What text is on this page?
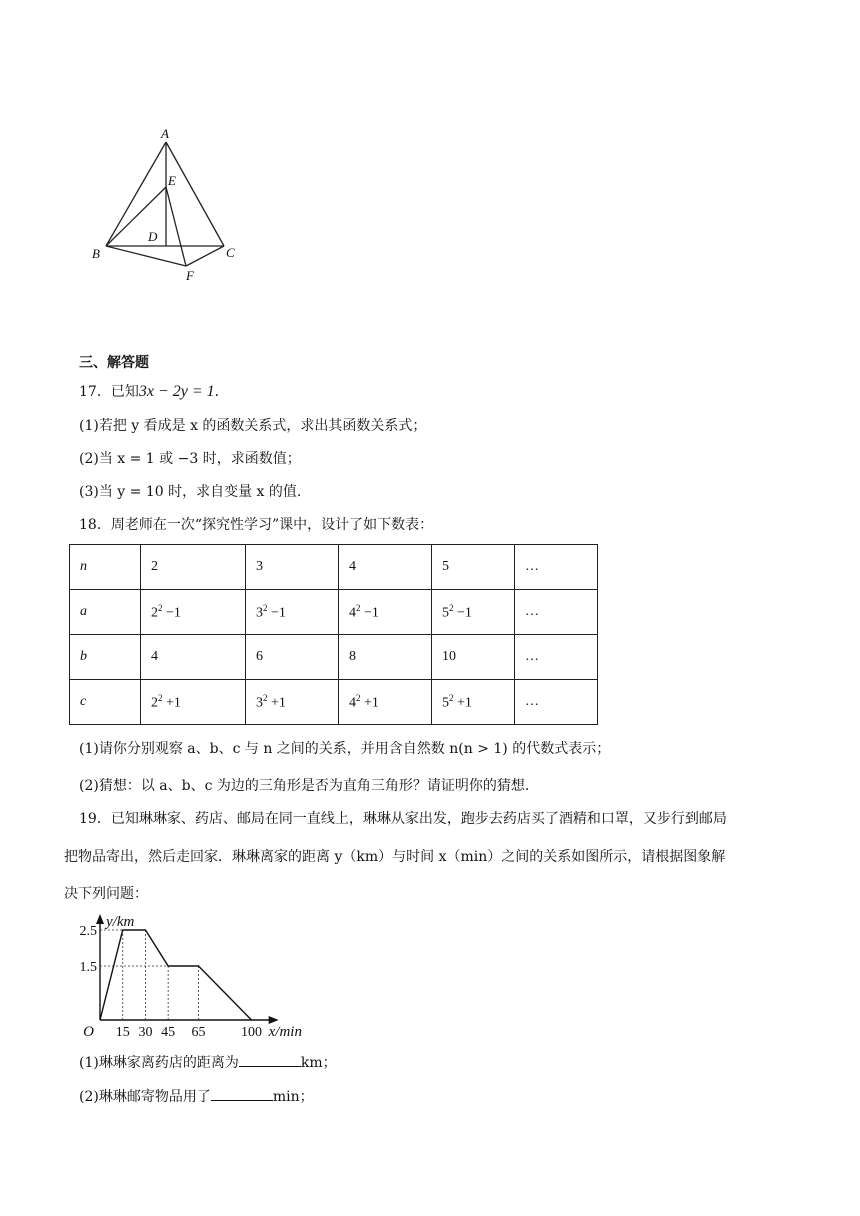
A
E
D
B	C
F
三、解答题
17．已知3x − 2y = 1．
(1)若把 y 看成是 x 的函数关系式，求出其函数关系式；
(2)当 x = 1 或 −3 时，求函数值；
(3)当 y = 10 时，求自变量 x 的值.
18．周老师在一次“探究性学习”课中，设计了如下数表：
n	2	3	4	5	…
a	$2^2 -1$	$3^2 -1$	$4^2 -1$	$5^2 -1$	…
b	4	6	8	10	…
c	$2^2 +1$	$3^2 +1$	$4^2 +1$	$5^2 +1$	…
(1)请你分别观察 a、b、c 与 n 之间的关系，并用含自然数 n(n > 1) 的代数式表示；
(2)猜想：以 a、b、c 为边的三角形是否为直角三角形？请证明你的猜想.
19．已知琳琳家、药店、邮局在同一直线上，琳琳从家出发，跑步去药店买了酒精和口罩，又步行到邮局
把物品寄出，然后走回家．琳琳离家的距离 y（km）与时间 x（min）之间的关系如图所示，请根据图象解
决下列问题：
15 30 45 65	100
1.5
2.5
O	x/min
y/km
(1)琳琳家离药店的距离为	km；
(2)琳琳邮寄物品用了	min；
